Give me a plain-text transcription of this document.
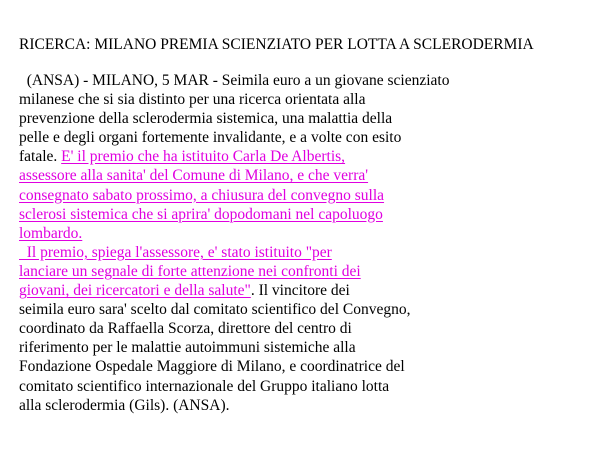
RICERCA: MILANO PREMIA SCIENZIATO PER LOTTA A SCLERODERMIA
(ANSA) - MILANO, 5 MAR - Seimila euro a un giovane scienziato
milanese che si sia distinto per una ricerca orientata alla
prevenzione della sclerodermia sistemica, una malattia della
pelle e degli organi fortemente invalidante, e a volte con esito
fatale. E' il premio che ha istituito Carla De Albertis,
assessore alla sanita' del Comune di Milano, e che verra'
consegnato sabato prossimo, a chiusura del convegno sulla
sclerosi sistemica che si aprira' dopodomani nel capoluogo
lombardo.
Il premio, spiega l'assessore, e' stato istituito "per
lanciare un segnale di forte attenzione nei confronti dei
giovani, dei ricercatori e della salute". Il vincitore dei
seimila euro sara' scelto dal comitato scientifico del Convegno,
coordinato da Raffaella Scorza, direttore del centro di
riferimento per le malattie autoimmuni sistemiche alla
Fondazione Ospedale Maggiore di Milano, e coordinatrice del
comitato scientifico internazionale del Gruppo italiano lotta
alla sclerodermia (Gils). (ANSA).
